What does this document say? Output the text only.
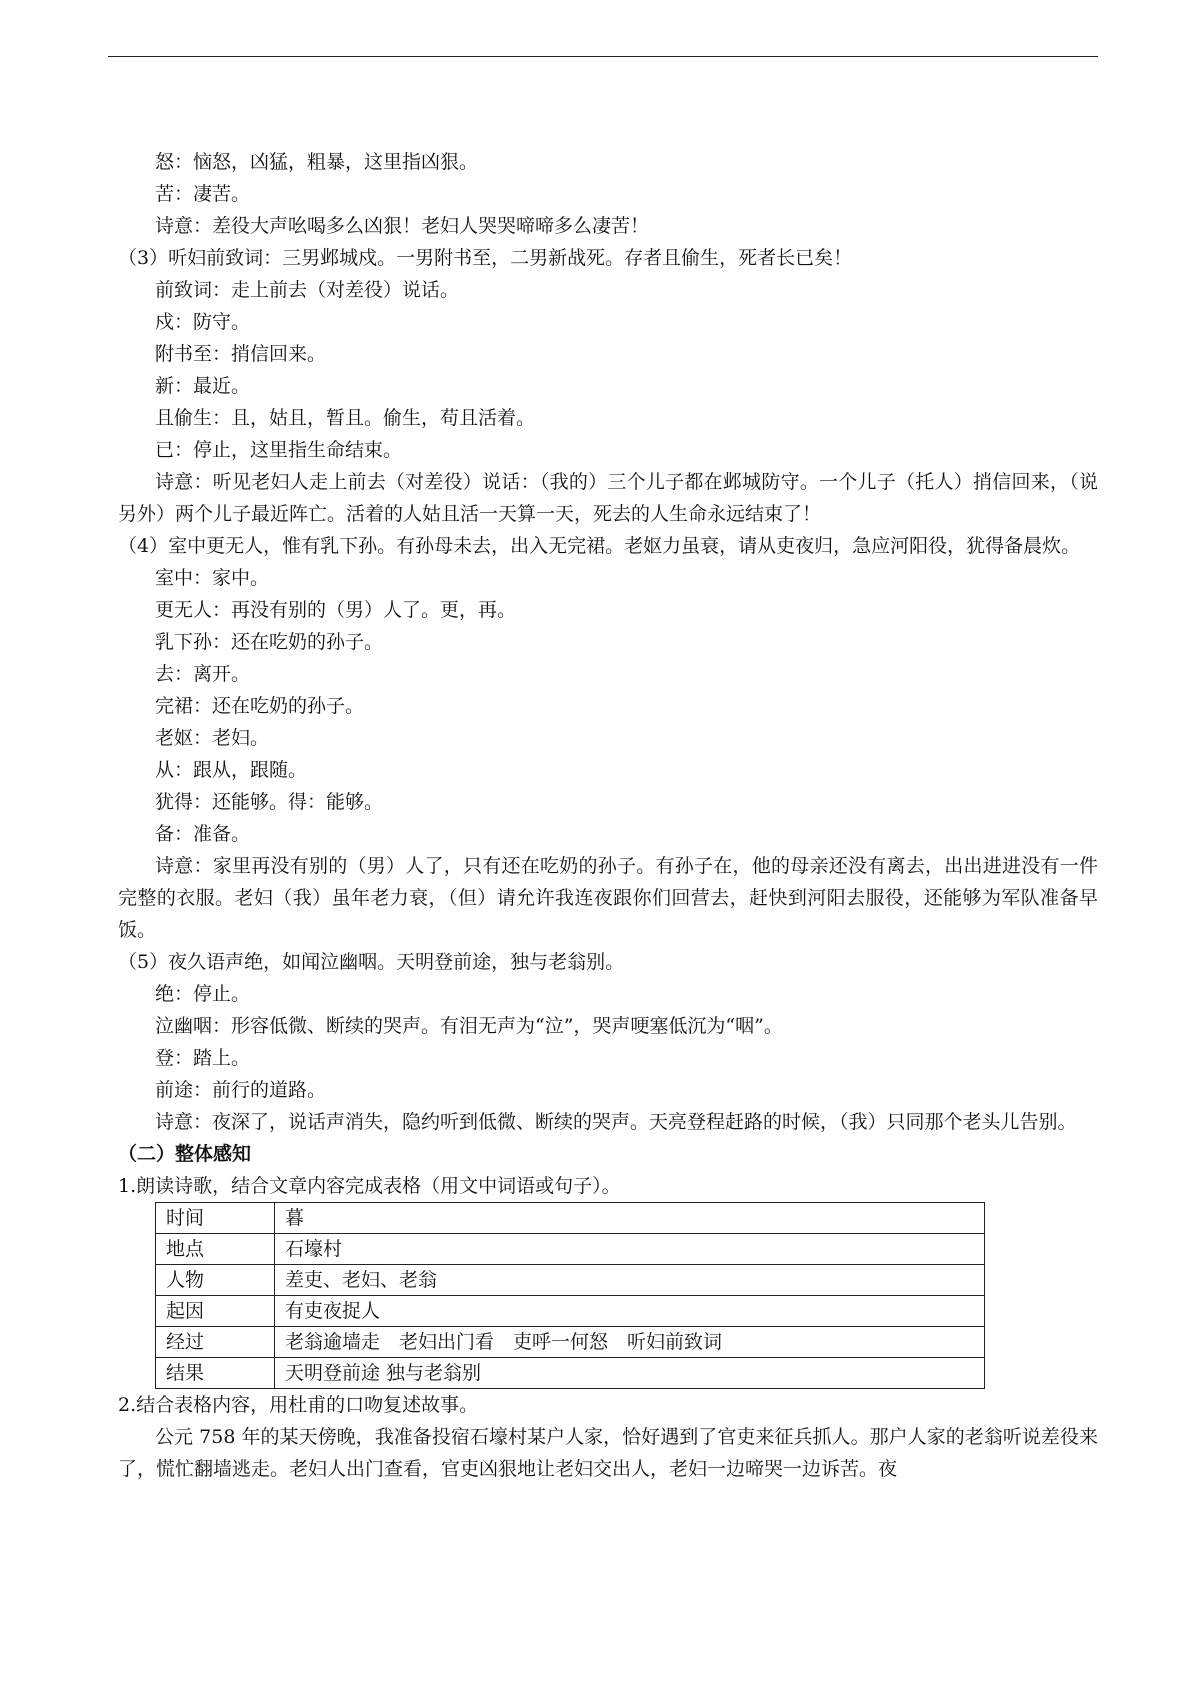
怒：恼怒，凶猛，粗暴，这里指凶狠。

苦：凄苦。

诗意：差役大声吆喝多么凶狠！老妇人哭哭啼啼多么凄苦！

（3）听妇前致词：三男邺城戍。一男附书至，二男新战死。存者且偷生，死者长已矣！

前致词：走上前去（对差役）说话。

戍：防守。

附书至：捎信回来。

新：最近。

且偷生：且，姑且，暂且。偷生，苟且活着。

已：停止，这里指生命结束。

诗意：听见老妇人走上前去（对差役）说话：（我的）三个儿子都在邺城防守。一个儿子（托人）捎信回来，（说另外）两个儿子最近阵亡。活着的人姑且活一天算一天，死去的人生命永远结束了！

（4）室中更无人，惟有乳下孙。有孙母未去，出入无完裙。老妪力虽衰，请从吏夜归，急应河阳役，犹得备晨炊。

室中：家中。

更无人：再没有别的（男）人了。更，再。

乳下孙：还在吃奶的孙子。

去：离开。

完裙：还在吃奶的孙子。

老妪：老妇。

从：跟从，跟随。

犹得：还能够。得：能够。

备：准备。

诗意：家里再没有别的（男）人了，只有还在吃奶的孙子。有孙子在，他的母亲还没有离去，出出进进没有一件完整的衣服。老妇（我）虽年老力衰，（但）请允许我连夜跟你们回营去，赶快到河阳去服役，还能够为军队准备早饭。

（5）夜久语声绝，如闻泣幽咽。天明登前途，独与老翁别。

绝：停止。

泣幽咽：形容低微、断续的哭声。有泪无声为“泣”，哭声哽塞低沉为“咽”。

登：踏上。

前途：前行的道路。

诗意：夜深了，说话声消失，隐约听到低微、断续的哭声。天亮登程赶路的时候，（我）只同那个老头儿告别。

（二）整体感知

1.朗读诗歌，结合文章内容完成表格（用文中词语或句子）。

时间	暮
地点	石壕村
人物	差吏、老妇、老翁
起因	有吏夜捉人
经过	老翁逾墙走　老妇出门看　吏呼一何怒　听妇前致词
结果	天明登前途 独与老翁别

2.结合表格内容，用杜甫的口吻复述故事。

公元 758 年的某天傍晚，我准备投宿石壕村某户人家，恰好遇到了官吏来征兵抓人。那户人家的老翁听说差役来了，慌忙翻墙逃走。老妇人出门查看，官吏凶狠地让老妇交出人，老妇一边啼哭一边诉苦。夜
